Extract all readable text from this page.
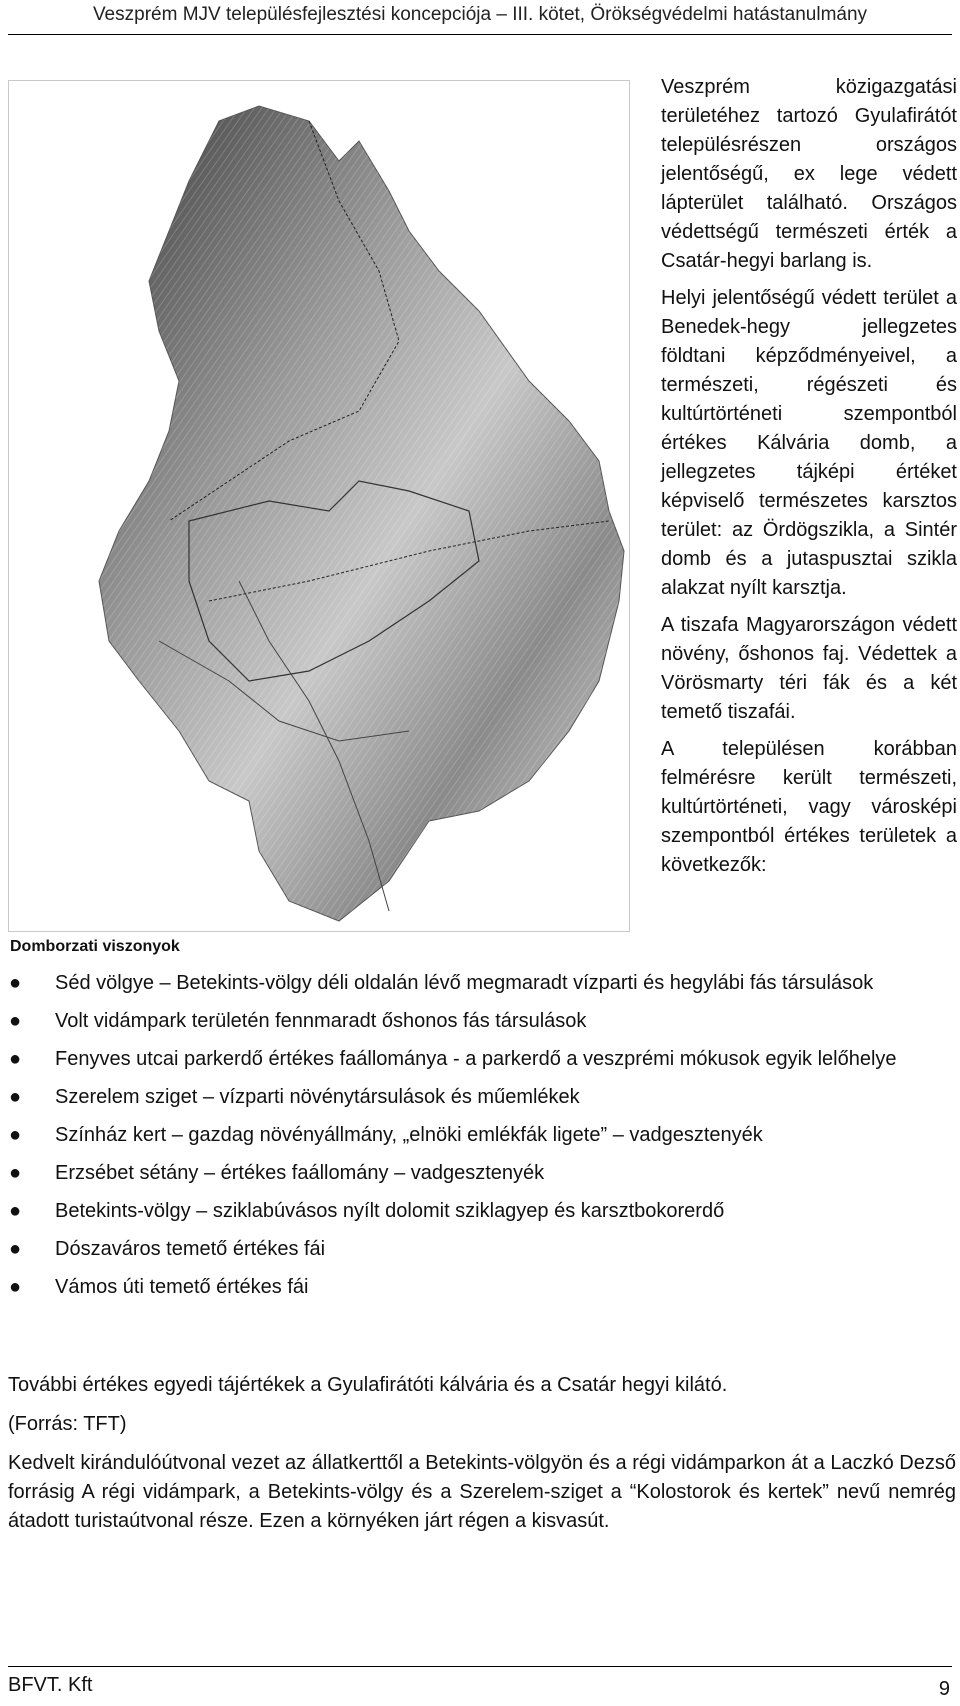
Veszprém MJV településfejlesztési koncepciója – III. kötet, Örökségvédelmi hatástanulmány
Domborzati viszonyok

Veszprém közigazgatási területéhez tartozó Gyulafirátót településrészen országos jelentőségű, ex lege védett lápterület található. Országos védettségű természeti érték a Csatár-hegyi barlang is.

Helyi jelentőségű védett terület a Benedek-hegy jellegzetes földtani képződményeivel, a természeti, régészeti és kultúrtörténeti szempontból értékes Kálvária domb, a jellegzetes tájképi értéket képviselő természetes karsztos terület: az Ördögszikla, a Sintér domb és a jutaspusztai szikla alakzat nyílt karsztja.

A tiszafa Magyarországon védett növény, őshonos faj. Védettek a Vörösmarty téri fák és a két temető tiszafái.

A településen korábban felmérésre került természeti, kultúrtörténeti, vagy városképi szempontból értékes területek a következők:

● Séd völgye – Betekints-völgy déli oldalán lévő megmaradt vízparti és hegylábi fás társulások
● Volt vidámpark területén fennmaradt őshonos fás társulások
● Fenyves utcai parkerdő értékes faállománya - a parkerdő a veszprémi mókusok egyik lelőhelye
● Szerelem sziget – vízparti növénytársulások és műemlékek
● Színház kert – gazdag növényállmány, „elnöki emlékfák ligete” – vadgesztenyék
● Erzsébet sétány – értékes faállomány – vadgesztenyék
● Betekints-völgy – sziklabúvásos nyílt dolomit sziklagyep és karsztbokorerdő
● Dószaváros temető értékes fái
● Vámos úti temető értékes fái

További értékes egyedi tájértékek a Gyulafirátóti kálvária és a Csatár hegyi kilátó.

(Forrás: TFT)

Kedvelt kirándulóútvonal vezet az állatkerttől a Betekints-völgyön és a régi vidámparkon át a Laczkó Dezső forrásig A régi vidámpark, a Betekints-völgy és a Szerelem-sziget a “Kolostorok és kertek” nevű nemrég átadott turistaútvonal része. Ezen a környéken járt régen a kisvasút.

BFVT. Kft	9
